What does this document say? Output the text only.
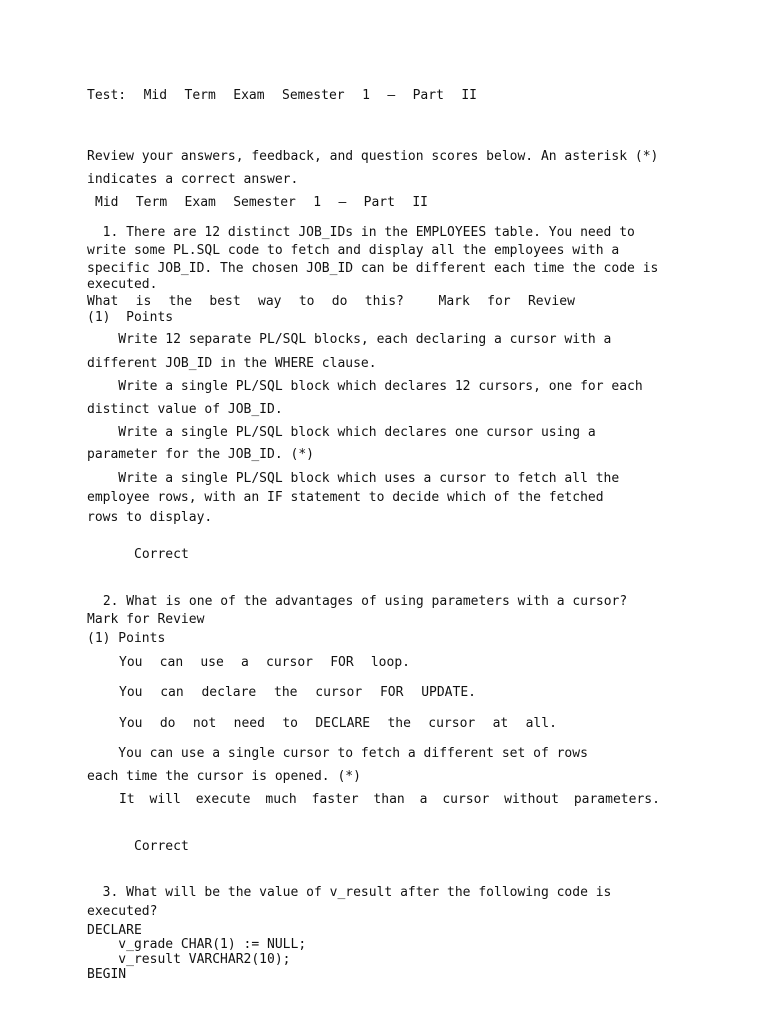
Test: Mid Term Exam Semester 1 – Part II
Review your answers, feedback, and question scores below. An asterisk (*)
indicates a correct answer.
Mid Term Exam Semester 1 – Part II
1. There are 12 distinct JOB_IDs in the EMPLOYEES table. You need to
write some PL.SQL code to fetch and display all the employees with a
specific JOB_ID. The chosen JOB_ID can be different each time the code is
executed.
What is the best way to do this?	Mark for Review
(1)  Points
Write 12 separate PL/SQL blocks, each declaring a cursor with a
different JOB_ID in the WHERE clause.
Write a single PL/SQL block which declares 12 cursors, one for each
distinct value of JOB_ID.
Write a single PL/SQL block which declares one cursor using a
parameter for the JOB_ID. (*)
Write a single PL/SQL block which uses a cursor to fetch all the
employee rows, with an IF statement to decide which of the fetched
rows to display.
Correct
2. What is one of the advantages of using parameters with a cursor?
Mark for Review
(1) Points
You can use a cursor FOR loop.
You can declare the cursor FOR UPDATE.
You do not need to DECLARE the cursor at all.
You can use a single cursor to fetch a different set of rows
each time the cursor is opened. (*)
It will execute much faster than a cursor without parameters.
Correct
3. What will be the value of v_result after the following code is
executed?
DECLARE
v_grade CHAR(1) := NULL;
v_result VARCHAR2(10);
BEGIN
